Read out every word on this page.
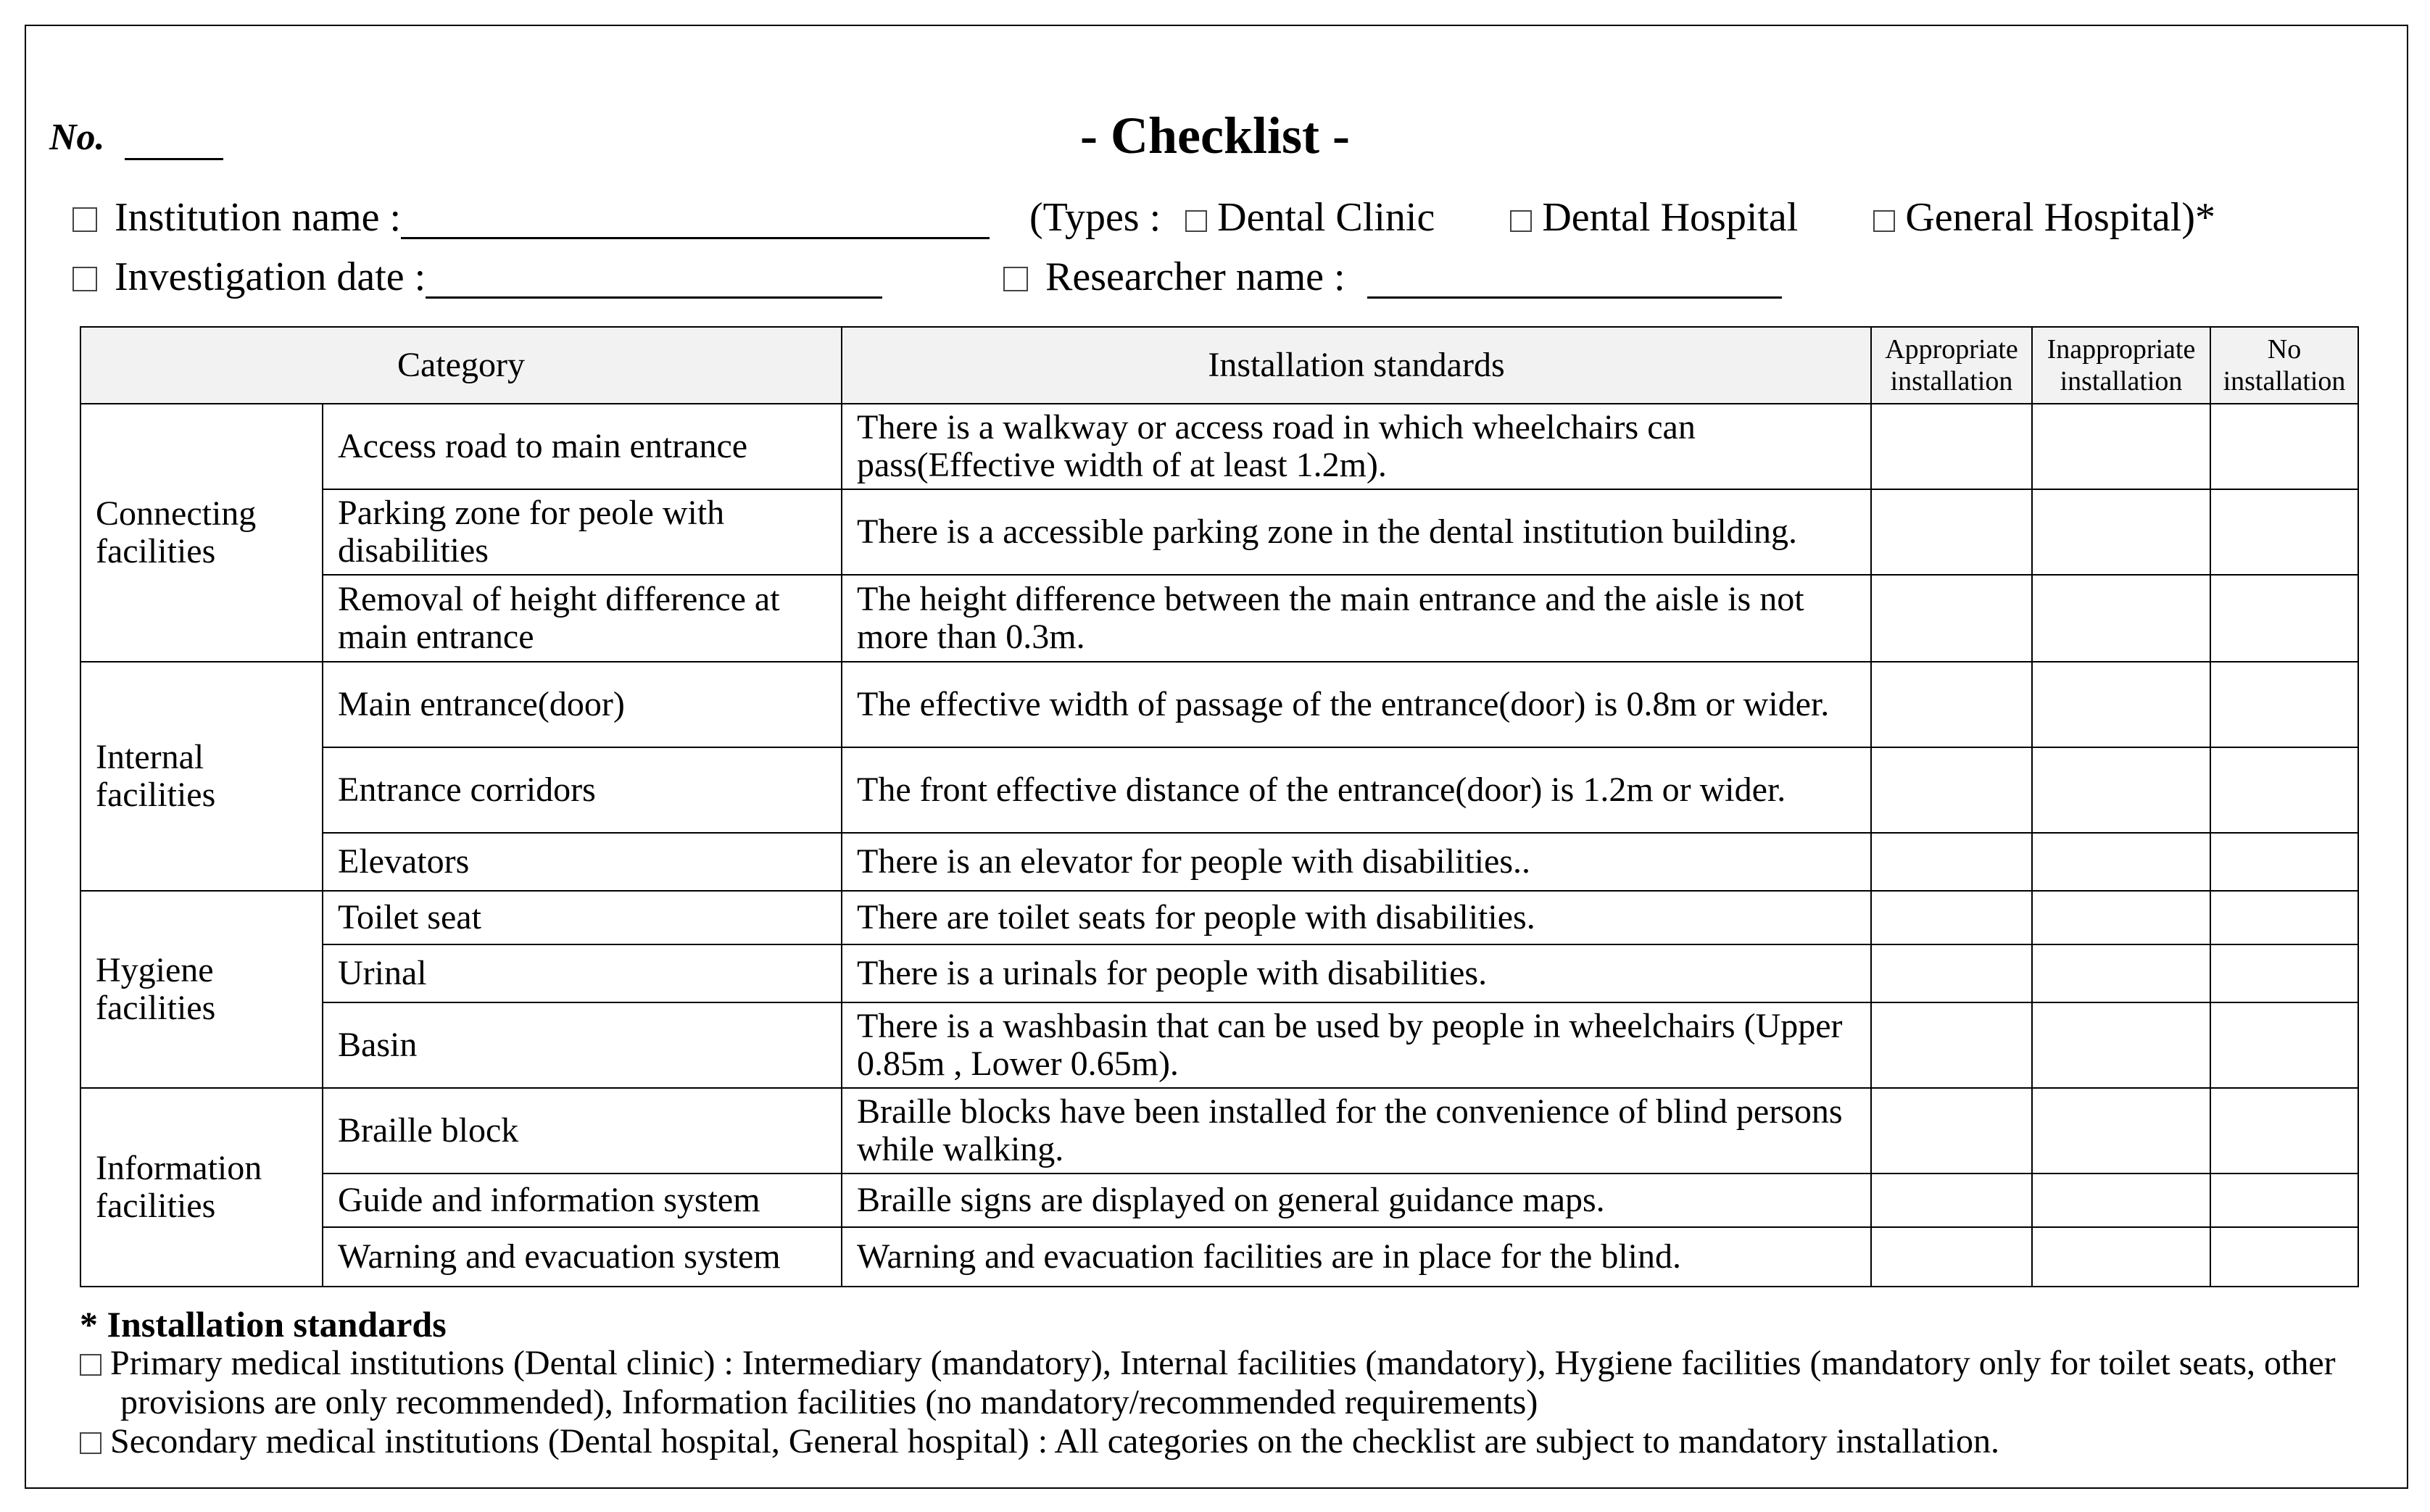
No.	- Checklist -
Institution name :	(Types : Dental Clinic	Dental Hospital	General Hospital)*
Investigation date :	Researcher name :
Category		Installation standards	Appropriate installation	Inappropriate installation	No installation
Connecting facilities	Access road to main entrance	There is a walkway or access road in which wheelchairs can pass(Effective width of at least 1.2m).			
	Parking zone for peole with disabilities	There is a accessible parking zone in the dental institution building.			
	Removal of height difference at main entrance	The height difference between the main entrance and the aisle is not more than 0.3m.			
Internal facilities	Main entrance(door)	The effective width of passage of the entrance(door) is 0.8m or wider.			
	Entrance corridors	The front effective distance of the entrance(door) is 1.2m or wider.			
	Elevators	There is an elevator for people with disabilities..			
Hygiene facilities	Toilet seat	There are toilet seats for people with disabilities.			
	Urinal	There is a urinals for people with disabilities.			
	Basin	There is a washbasin that can be used by people in wheelchairs (Upper 0.85m , Lower 0.65m).			
Information facilities	Braille block	Braille blocks have been installed for the convenience of blind persons while walking.			
	Guide and information system	Braille signs are displayed on general guidance maps.			
	Warning and evacuation system	Warning and evacuation facilities are in place for the blind.			
* Installation standards
Primary medical institutions (Dental clinic) : Intermediary (mandatory), Internal facilities (mandatory), Hygiene facilities (mandatory only for toilet seats, other provisions are only recommended), Information facilities (no mandatory/recommended requirements)
Secondary medical institutions (Dental hospital, General hospital) : All categories on the checklist are subject to mandatory installation.
